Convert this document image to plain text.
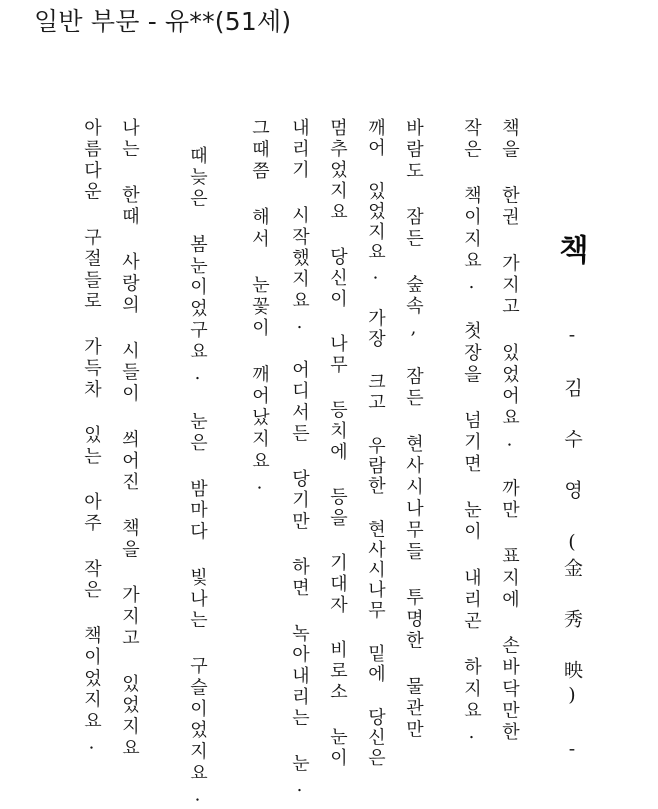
일반 부문 - 유**(51세)
책
- 김 수 영 (金 秀 映) -
책을 한권 가지고 있었어요. 까만 표지에 손바닥만한
작은 책이지요. 첫장을 넘기면 눈이 내리곤 하지요.
바람도 잠든 숲속, 잠든 현사시나무들 투명한 물관만
깨어 있었지요. 가장 크고 우람한 현사시나무 밑에 당신은
멈추었지요 당신이 나무 등치에 등을 기대자 비로소 눈이
내리기 시작했지요. 어디서든 당기만 하면 녹아내리는 눈.
그때쯤 해서 눈꽃이 깨어났지요.
때늦은 봄눈이었구요. 눈은 밤마다 빛나는 구슬이었지요.
나는 한때 사랑의 시들이 씌어진 책을 가지고 있었지요
아름다운 구절들로 가득차 있는 아주 작은 책이었지요.
